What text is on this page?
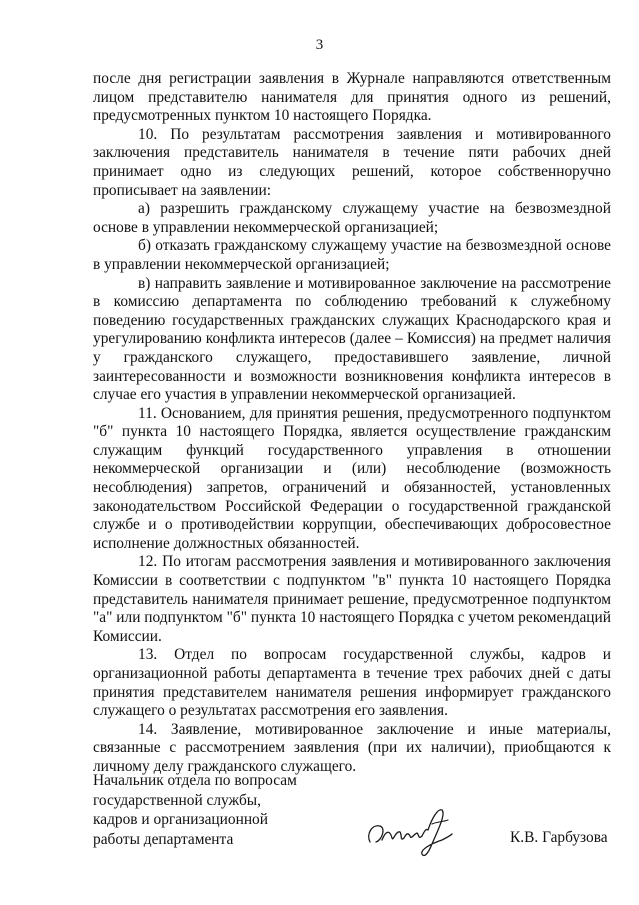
3

после дня регистрации заявления в Журнале направляются ответственным лицом представителю нанимателя для принятия одного из решений, предусмотренных пунктом 10 настоящего Порядка.

10. По результатам рассмотрения заявления и мотивированного заключения представитель нанимателя в течение пяти рабочих дней принимает одно из следующих решений, которое собственноручно прописывает на заявлении:

а) разрешить гражданскому служащему участие на безвозмездной основе в управлении некоммерческой организацией;

б) отказать гражданскому служащему участие на безвозмездной основе в управлении некоммерческой организацией;

в) направить заявление и мотивированное заключение на рассмотрение в комиссию департамента по соблюдению требований к служебному поведению государственных гражданских служащих Краснодарского края и урегулированию конфликта интересов (далее – Комиссия) на предмет наличия у гражданского служащего, предоставившего заявление, личной заинтересованности и возможности возникновения конфликта интересов в случае его участия в управлении некоммерческой организацией.

11. Основанием, для принятия решения, предусмотренного подпунктом "б" пункта 10 настоящего Порядка, является осуществление гражданским служащим функций государственного управления в отношении некоммерческой организации и (или) несоблюдение (возможность несоблюдения) запретов, ограничений и обязанностей, установленных законодательством Российской Федерации о государственной гражданской службе и о противодействии коррупции, обеспечивающих добросовестное исполнение должностных обязанностей.

12. По итогам рассмотрения заявления и мотивированного заключения Комиссии в соответствии с подпунктом "в" пункта 10 настоящего Порядка представитель нанимателя принимает решение, предусмотренное подпунктом "а" или подпунктом "б" пункта 10 настоящего Порядка с учетом рекомендаций Комиссии.

13. Отдел по вопросам государственной службы, кадров и организационной работы департамента в течение трех рабочих дней с даты принятия представителем нанимателя решения информирует гражданского служащего о результатах рассмотрения его заявления.

14. Заявление, мотивированное заключение и иные материалы, связанные с рассмотрением заявления (при их наличии), приобщаются к личному делу гражданского служащего.

Начальник отдела по вопросам
государственной службы,
кадров и организационной
работы департамента	К.В. Гарбузова
